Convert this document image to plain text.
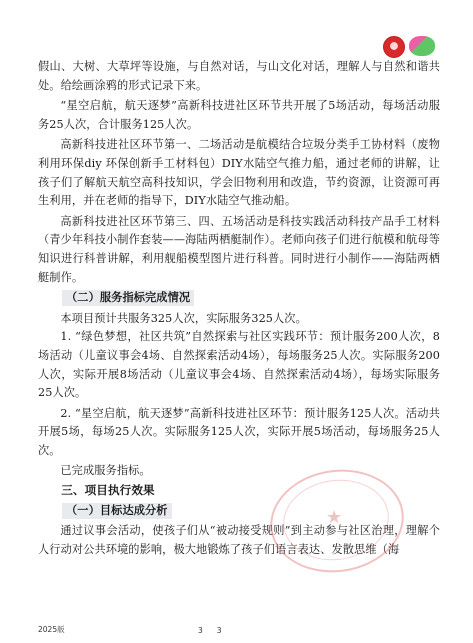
假山、大树、大草坪等设施，与自然对话，与山文化对话，理解人与自然和谐共处。给绘画涂鸦的形式记录下来。

“星空启航，航天逐梦”高新科技进社区环节共开展了5场活动，每场活动服务25人次，合计服务125人次。

高新科技进社区环节第一、二场活动是航模结合垃圾分类手工协材料（废物利用环保diy 环保创新手工材料包）DIY水陆空气推力船，通过老师的讲解，让孩子们了解航天航空高科技知识，学会旧物利用和改造，节约资源，让资源可再生利用，并在老师的指导下，DIY水陆空气推动船。

高新科技进社区环节第三、四、五场活动是科技实践活动科技产品手工材料（青少年科技小制作套装——海陆两栖艇制作）。老师向孩子们进行航模和航母等知识进行科普讲解，利用舰船模型图片进行科普。同时进行小制作——海陆两栖艇制作。

（二）服务指标完成情况

本项目预计共服务325人次，实际服务325人次。

1. “绿色梦想，社区共筑”自然探索与社区实践环节：预计服务200人次，8场活动（儿童议事会4场、自然探索活动4场），每场服务25人次。实际服务200人次，实际开展8场活动（儿童议事会4场、自然探索活动4场），每场实际服务25人次。

2. “星空启航，航天逐梦”高新科技进社区环节：预计服务125人次。活动共开展5场，每场25人次。实际服务125人次，实际开展5场活动，每场服务25人次。

已完成服务指标。

三、项目执行效果

（一）目标达成分析

通过议事会活动，使孩子们从“被动接受规则”到主动参与社区治理，理解个人行动对公共环境的影响，极大地锻炼了孩子们语言表达、发散思维（海

★
2025版	33
